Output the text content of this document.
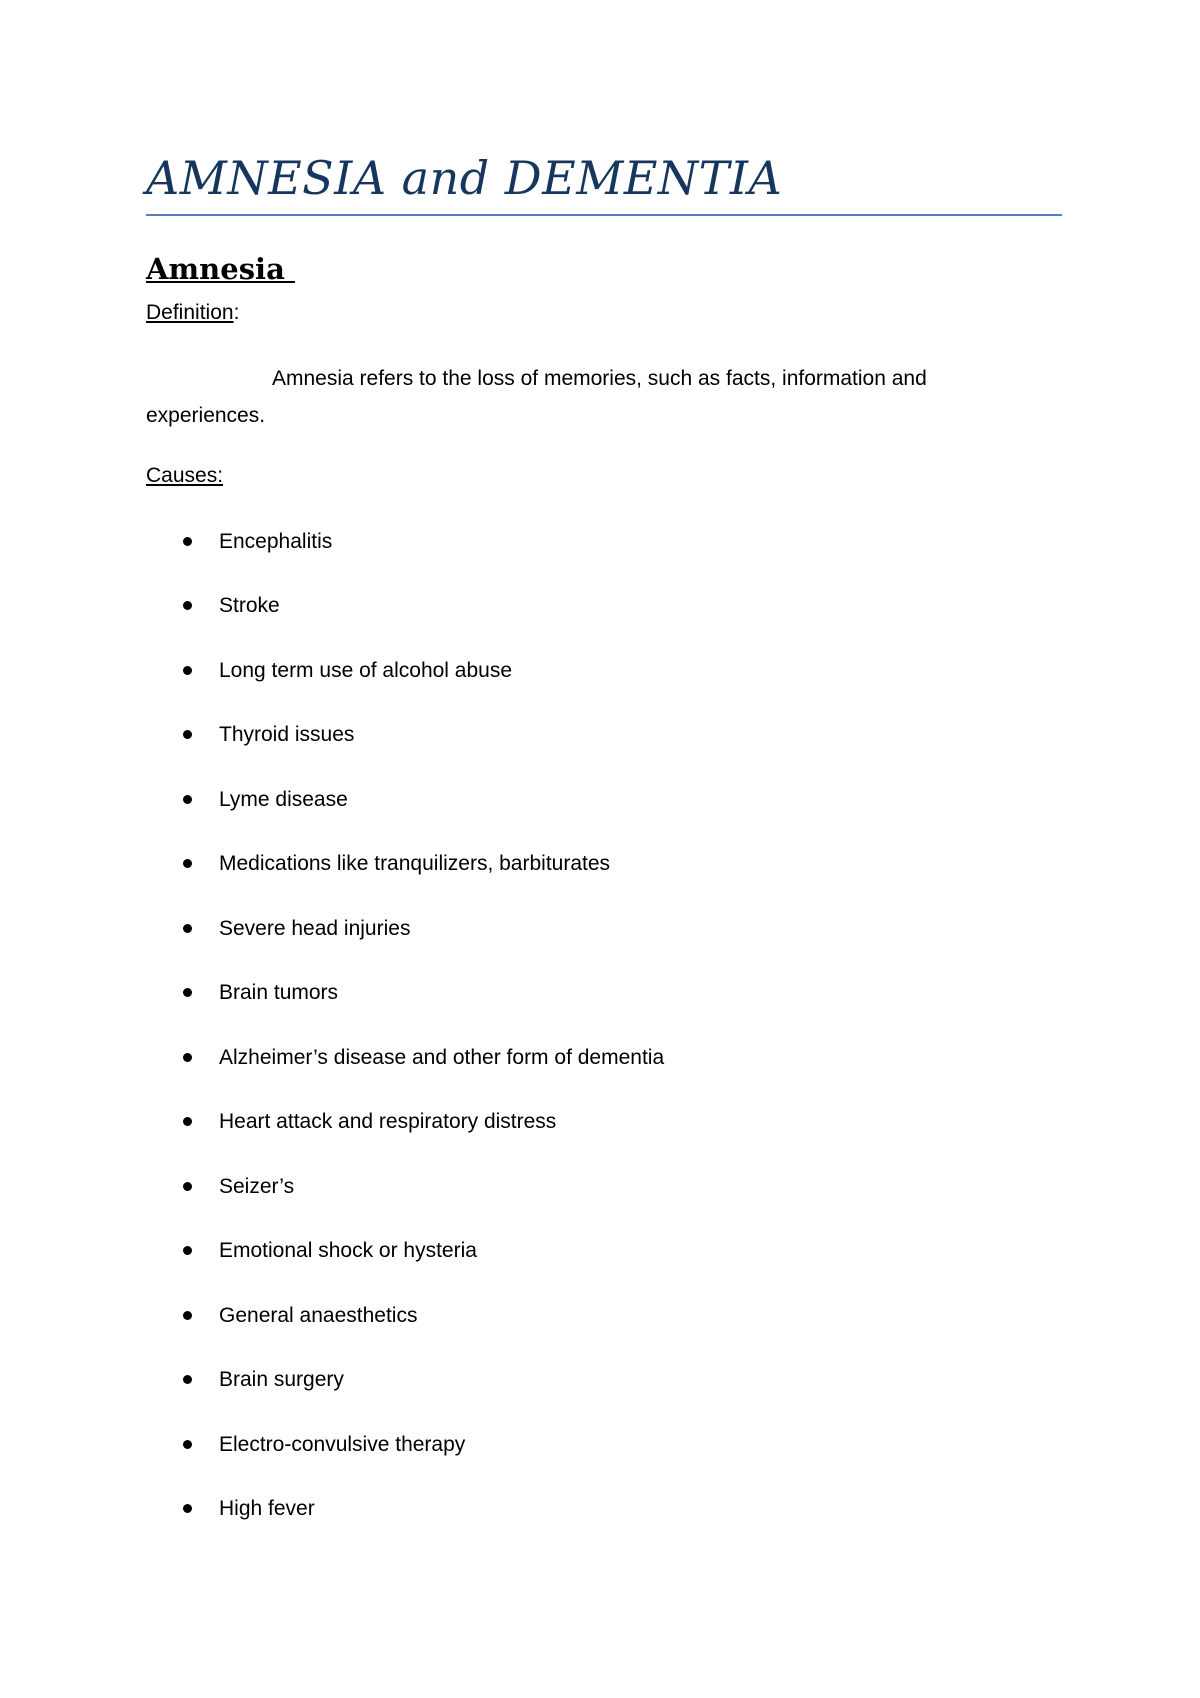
AMNESIA and DEMENTIA
Amnesia

Definition:

Amnesia refers to the loss of memories, such as facts, information and experiences.

Causes:

Encephalitis
Stroke
Long term use of alcohol abuse
Thyroid issues
Lyme disease
Medications like tranquilizers, barbiturates
Severe head injuries
Brain tumors
Alzheimer’s disease and other form of dementia
Heart attack and respiratory distress
Seizer’s
Emotional shock or hysteria
General anaesthetics
Brain surgery
Electro-convulsive therapy
High fever
